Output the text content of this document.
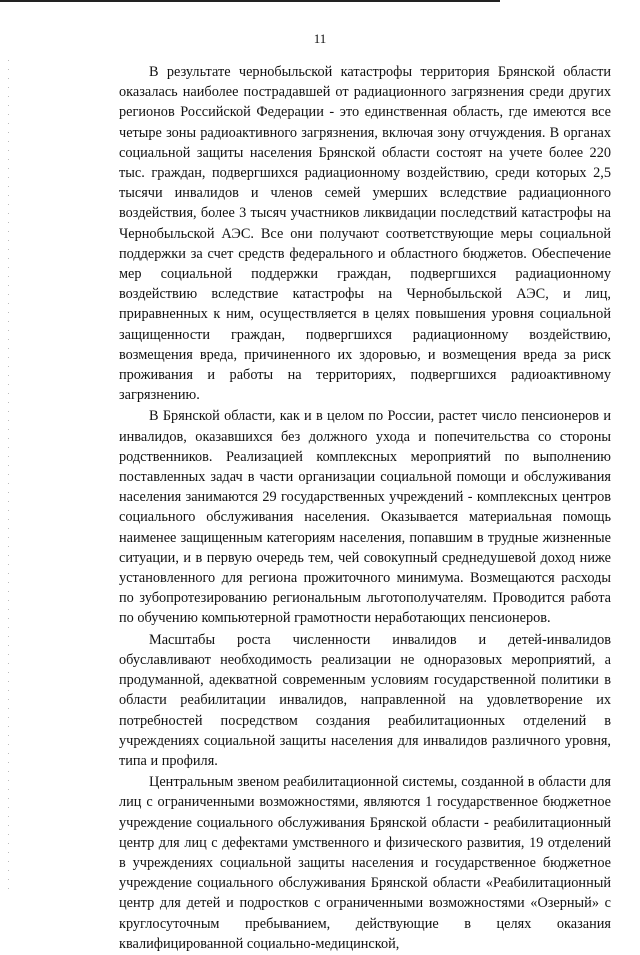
11

В результате чернобыльской катастрофы территория Брянской области оказалась наиболее пострадавшей от радиационного загрязнения среди других регионов Российской Федерации - это единственная область, где имеются все четыре зоны радиоактивного загрязнения, включая зону отчуждения. В органах социальной защиты населения Брянской области состоят на учете более 220 тыс. граждан, подвергшихся радиационному воздействию, среди которых 2,5 тысячи инвалидов и членов семей умерших вследствие радиационного воздействия, более 3 тысяч участников ликвидации последствий катастрофы на Чернобыльской АЭС. Все они получают соответствующие меры социальной поддержки за счет средств федерального и областного бюджетов. Обеспечение мер социальной поддержки граждан, подвергшихся радиационному воздействию вследствие катастрофы на Чернобыльской АЭС, и лиц, приравненных к ним, осуществляется в целях повышения уровня социальной защищенности граждан, подвергшихся радиационному воздействию, возмещения вреда, причиненного их здоровью, и возмещения вреда за риск проживания и работы на территориях, подвергшихся радиоактивному загрязнению.

В Брянской области, как и в целом по России, растет число пенсионеров и инвалидов, оказавшихся без должного ухода и попечительства со стороны родственников. Реализацией комплексных мероприятий по выполнению поставленных задач в части организации социальной помощи и обслуживания населения занимаются 29 государственных учреждений - комплексных центров социального обслуживания населения. Оказывается материальная помощь наименее защищенным категориям населения, попавшим в трудные жизненные ситуации, и в первую очередь тем, чей совокупный среднедушевой доход ниже установленного для региона прожиточного минимума. Возмещаются расходы по зубопротезированию региональным льготополучателям. Проводится работа по обучению компьютерной грамотности неработающих пенсионеров.

Масштабы роста численности инвалидов и детей-инвалидов обуславливают необходимость реализации не одноразовых мероприятий, а продуманной, адекватной современным условиям государственной политики в области реабилитации инвалидов, направленной на удовлетворение их потребностей посредством создания реабилитационных отделений в учреждениях социальной защиты населения для инвалидов различного уровня, типа и профиля.

Центральным звеном реабилитационной системы, созданной в области для лиц с ограниченными возможностями, являются 1 государственное бюджетное учреждение социального обслуживания Брянской области - реабилитационный центр для лиц с дефектами умственного и физического развития, 19 отделений в учреждениях социальной защиты населения и государственное бюджетное учреждение социального обслуживания Брянской области «Реабилитационный центр для детей и подростков с ограниченными возможностями «Озерный» с круглосуточным пребыванием, действующие в целях оказания квалифицированной социально-медицинской,
